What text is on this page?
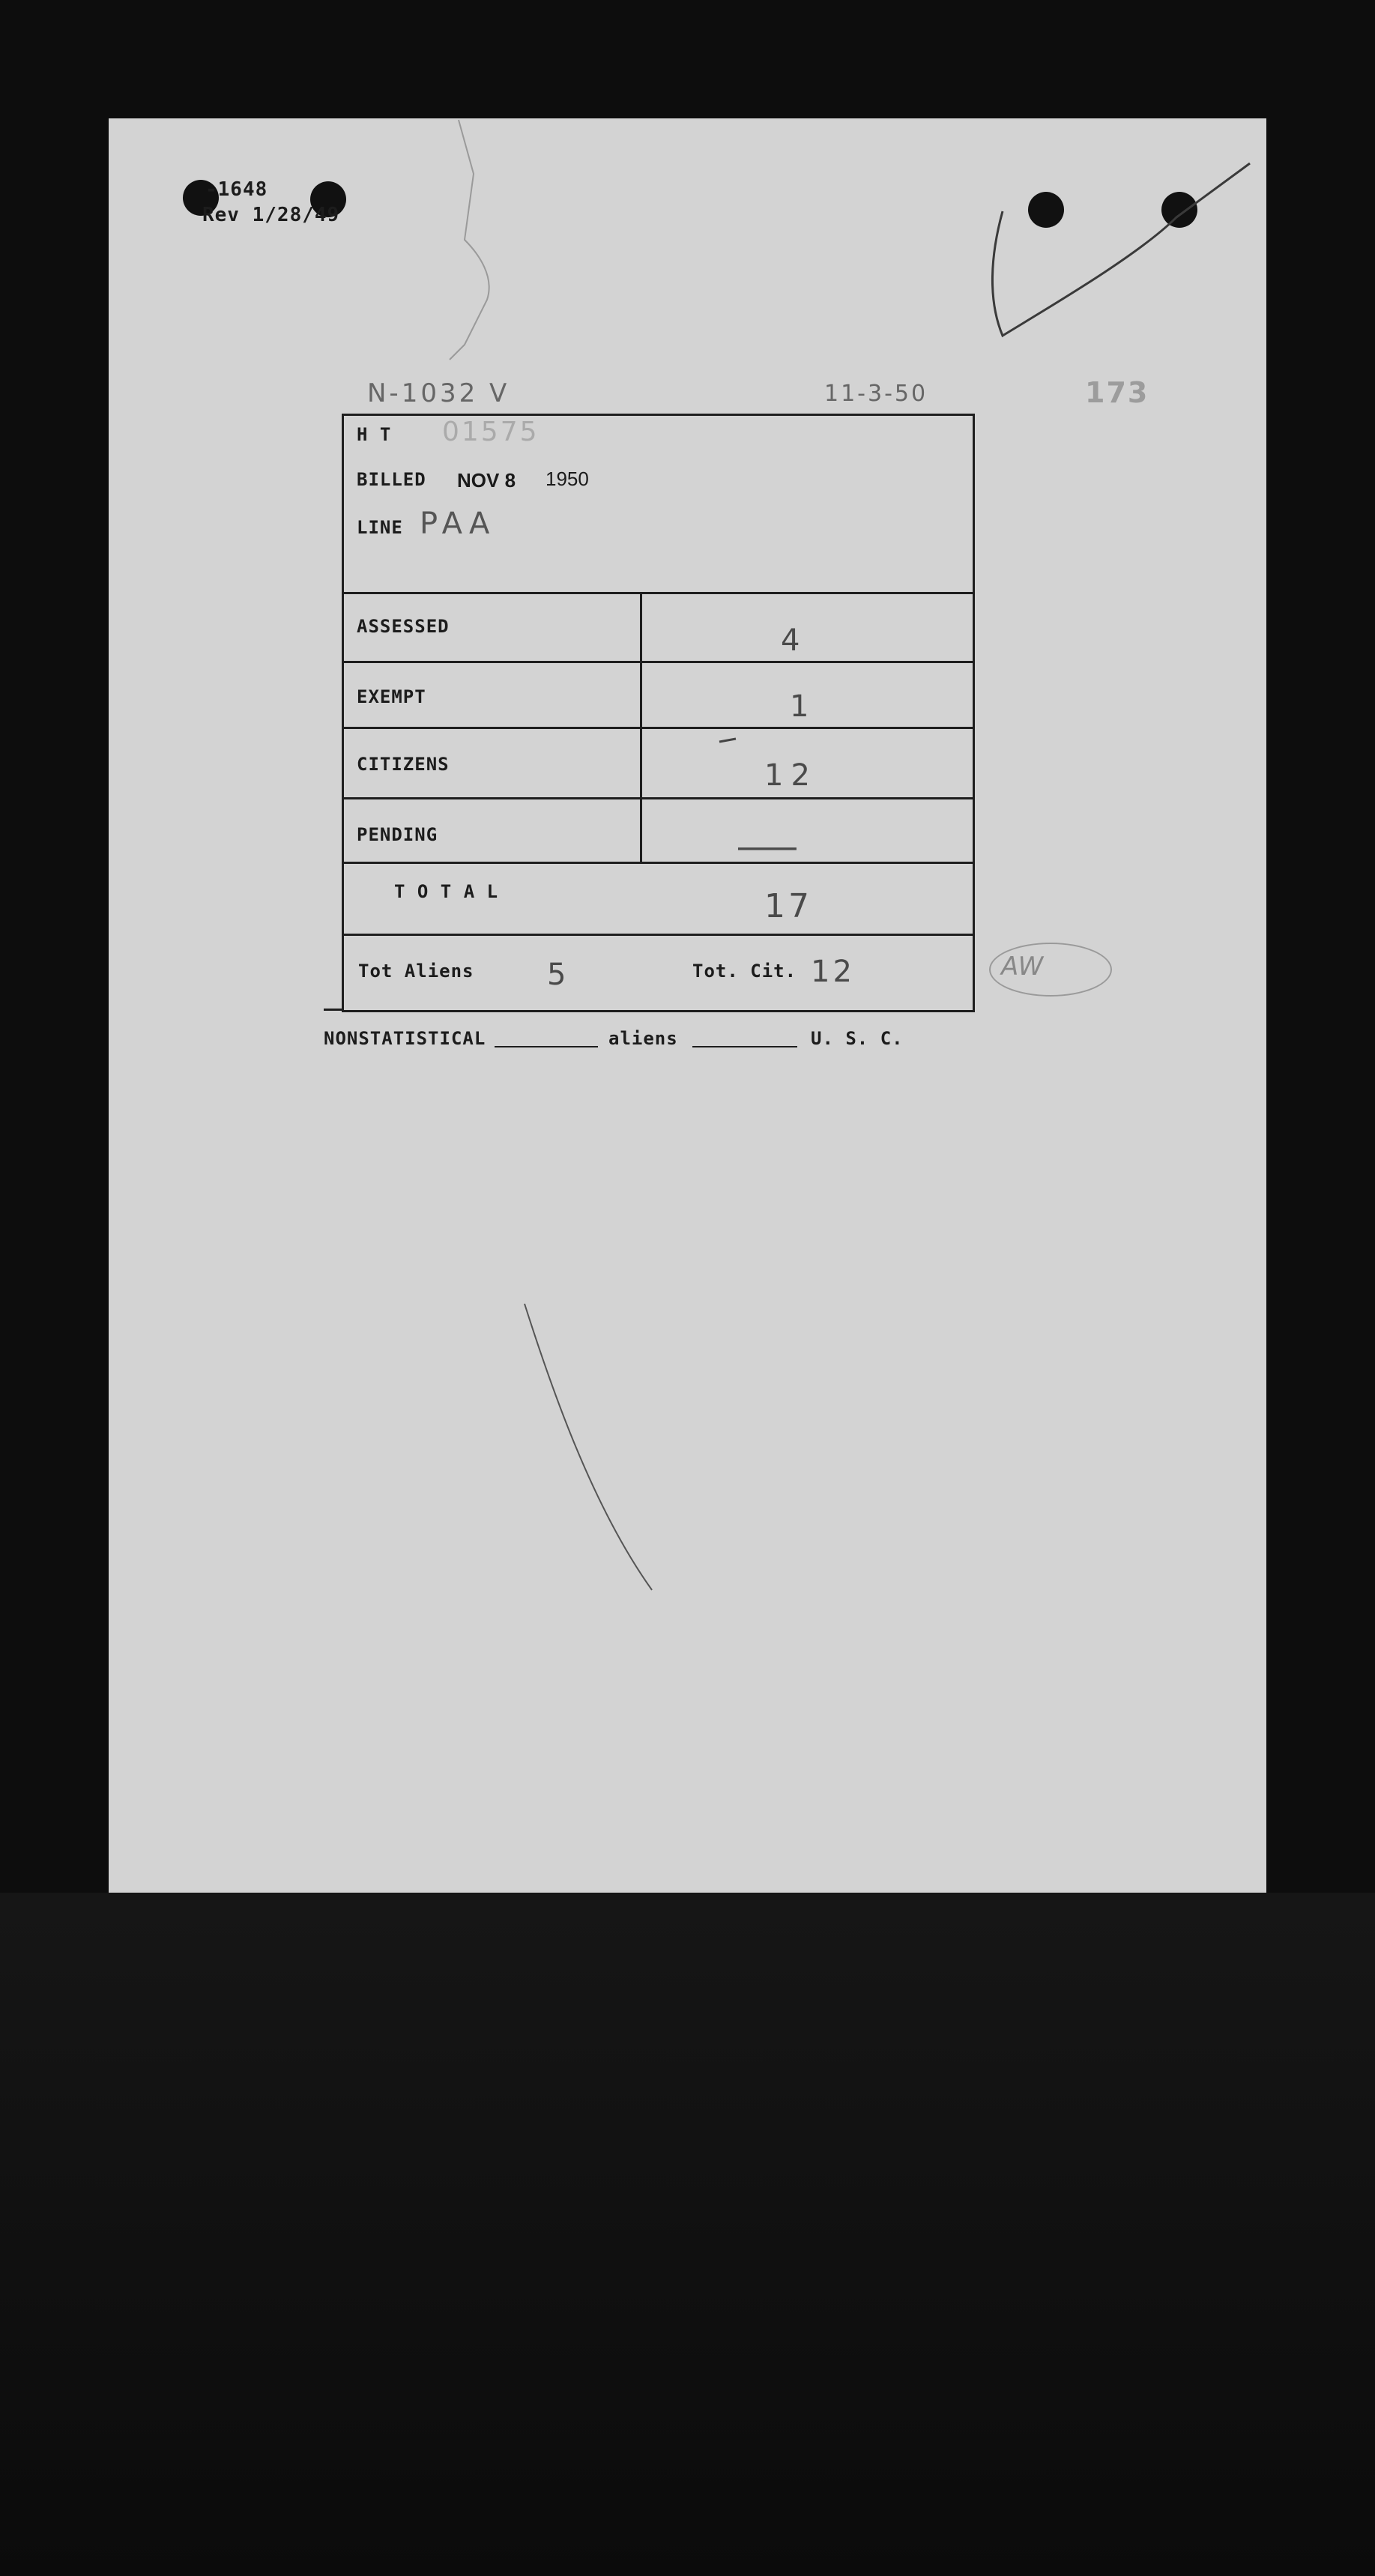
-1648
Rev 1/28/49
N-1032 V	11-3-50	173
H T 01575
BILLED NOV 8 1950
LINE PAA
ASSESSED	4
EXEMPT	1
CITIZENS	12
PENDING	—
T O T A L	17
Tot Aliens 5	Tot. Cit. 12	AW
NONSTATISTICAL	aliens	U. S. C.
